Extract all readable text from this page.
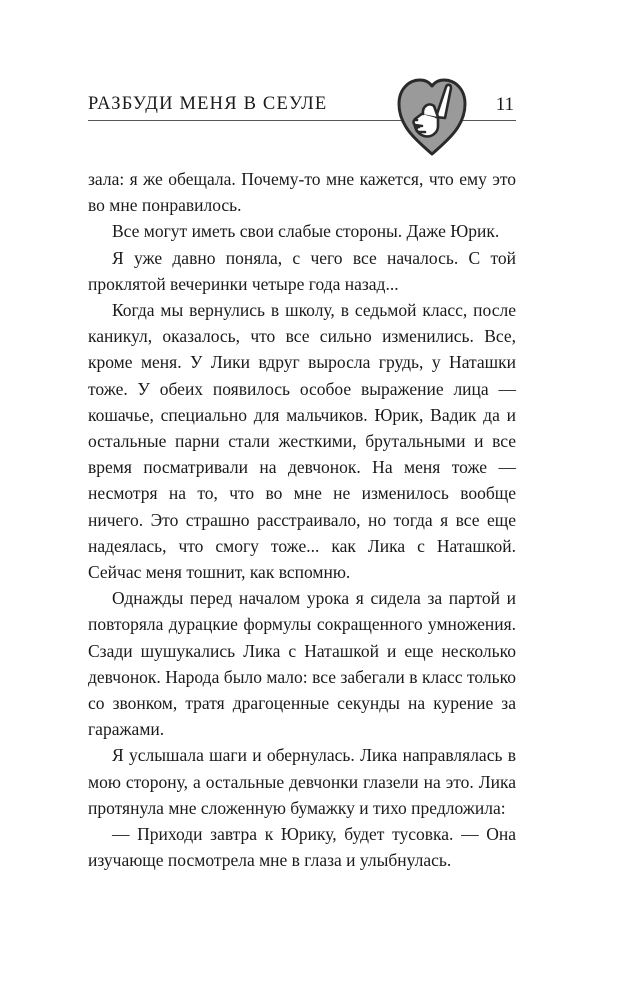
РАЗБУДИ МЕНЯ В СЕУЛЕ	11

зала: я же обещала. Почему-то мне кажется, что ему это во мне понравилось.

Все могут иметь свои слабые стороны. Даже Юрик.

Я уже давно поняла, с чего все началось. С той проклятой вечеринки четыре года назад...

Когда мы вернулись в школу, в седьмой класс, после каникул, оказалось, что все сильно изменились. Все, кроме меня. У Лики вдруг выросла грудь, у Наташки тоже. У обеих появилось особое выражение лица — кошачье, специально для мальчиков. Юрик, Вадик да и остальные парни стали жесткими, брутальными и все время посматривали на девчонок. На меня тоже — несмотря на то, что во мне не изменилось вообще ничего. Это страшно расстраивало, но тогда я все еще надеялась, что смогу тоже... как Лика с Наташкой. Сейчас меня тошнит, как вспомню.

Однажды перед началом урока я сидела за партой и повторяла дурацкие формулы сокращенного умножения. Сзади шушукались Лика с Наташкой и еще несколько девчонок. Народа было мало: все забегали в класс только со звонком, тратя драгоценные секунды на курение за гаражами.

Я услышала шаги и обернулась. Лика направлялась в мою сторону, а остальные девчонки глазели на это. Лика протянула мне сложенную бумажку и тихо предложила:

— Приходи завтра к Юрику, будет тусовка. — Она изучающе посмотрела мне в глаза и улыбнулась.
